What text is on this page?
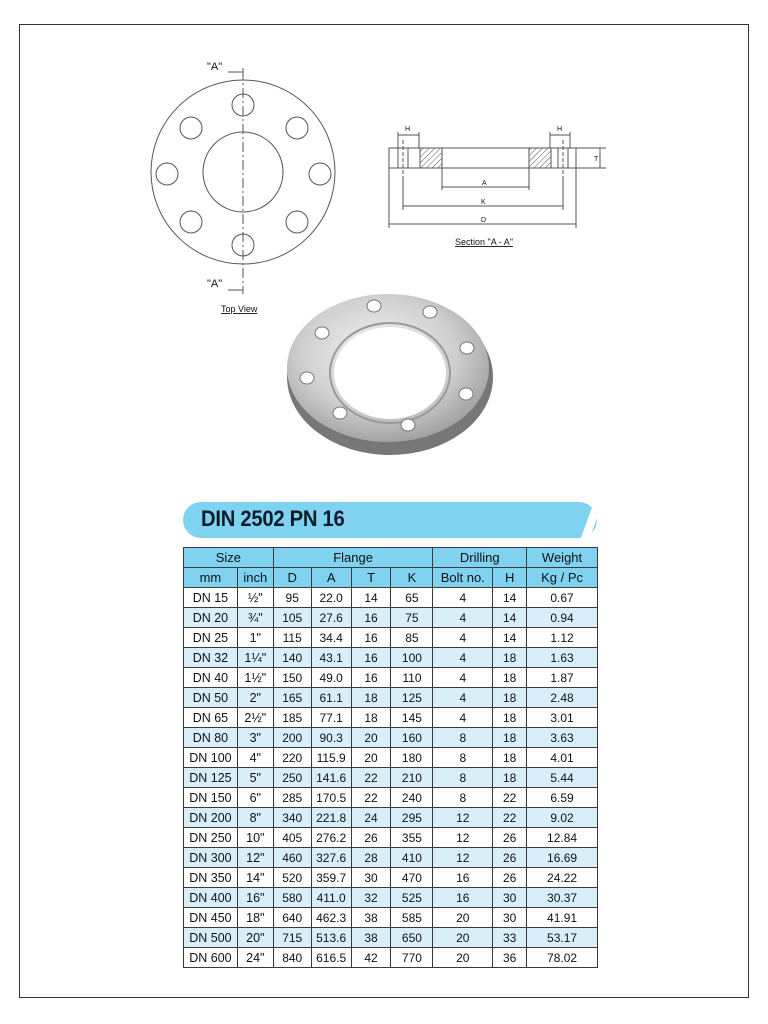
"A"
"A"
Top View
H	H
T
A
K
D
Section "A - A"
DIN 2502 PN 16
Size		Flange				Drilling		Weight
mm	inch	D	A	T	K	Bolt no.	H	Kg / Pc
DN 15	½"	95	22.0	14	65	4	14	0.67
DN 20	¾"	105	27.6	16	75	4	14	0.94
DN 25	1"	115	34.4	16	85	4	14	1.12
DN 32	1¼"	140	43.1	16	100	4	18	1.63
DN 40	1½"	150	49.0	16	110	4	18	1.87
DN 50	2"	165	61.1	18	125	4	18	2.48
DN 65	2½"	185	77.1	18	145	4	18	3.01
DN 80	3"	200	90.3	20	160	8	18	3.63
DN 100	4"	220	115.9	20	180	8	18	4.01
DN 125	5"	250	141.6	22	210	8	18	5.44
DN 150	6"	285	170.5	22	240	8	22	6.59
DN 200	8"	340	221.8	24	295	12	22	9.02
DN 250	10"	405	276.2	26	355	12	26	12.84
DN 300	12"	460	327.6	28	410	12	26	16.69
DN 350	14"	520	359.7	30	470	16	26	24.22
DN 400	16"	580	411.0	32	525	16	30	30.37
DN 450	18"	640	462.3	38	585	20	30	41.91
DN 500	20"	715	513.6	38	650	20	33	53.17
DN 600	24"	840	616.5	42	770	20	36	78.02
